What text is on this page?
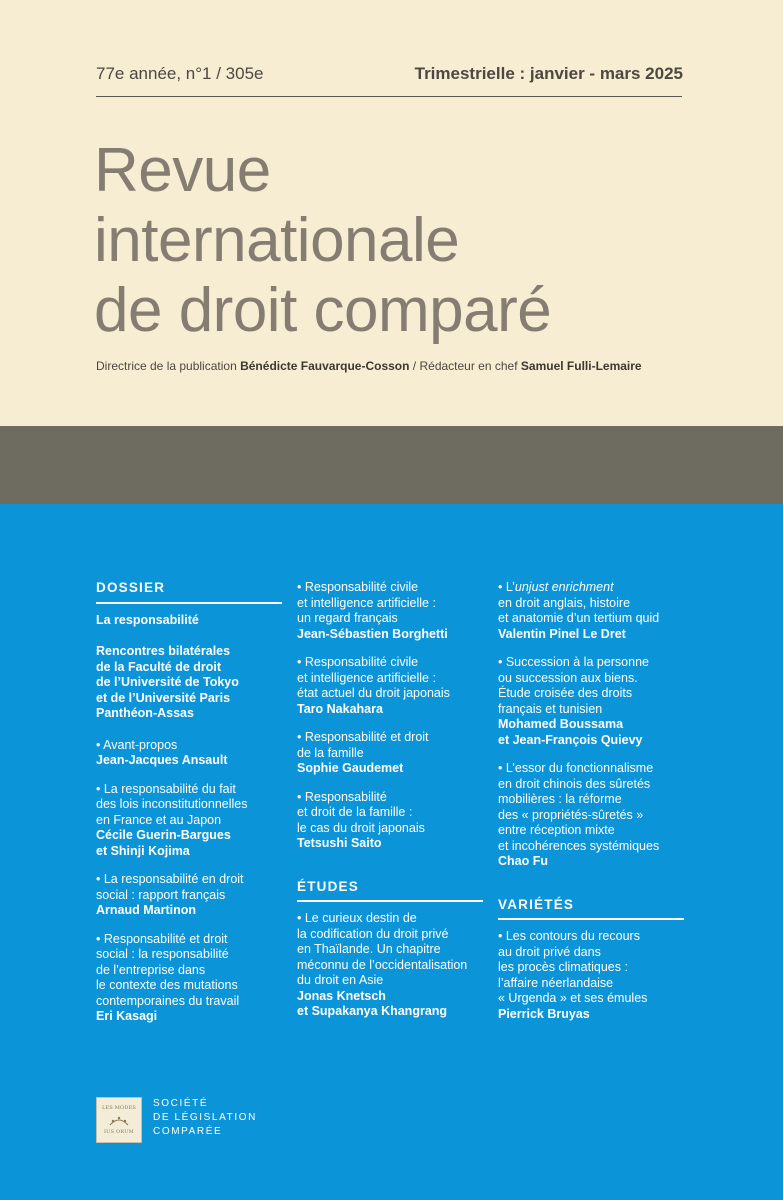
77e année, n°1 / 305e	Trimestrielle : janvier - mars 2025
Revue
internationale
de droit comparé
Directrice de la publication Bénédicte Fauvarque-Cosson / Rédacteur en chef Samuel Fulli-Lemaire
DOSSIER
La responsabilité
Rencontres bilatérales
de la Faculté de droit
de l’Université de Tokyo
et de l’Université Paris
Panthéon-Assas
• Avant-propos
Jean-Jacques Ansault
• La responsabilité du fait
des lois inconstitutionnelles
en France et au Japon
Cécile Guerin-Bargues
et Shinji Kojima
• La responsabilité en droit
social : rapport français
Arnaud Martinon
• Responsabilité et droit
social : la responsabilité
de l’entreprise dans
le contexte des mutations
contemporaines du travail
Eri Kasagi
• Responsabilité civile
et intelligence artificielle :
un regard français
Jean-Sébastien Borghetti
• Responsabilité civile
et intelligence artificielle :
état actuel du droit japonais
Taro Nakahara
• Responsabilité et droit
de la famille
Sophie Gaudemet
• Responsabilité
et droit de la famille :
le cas du droit japonais
Tetsushi Saito
ÉTUDES
• Le curieux destin de
la codification du droit privé
en Thaïlande. Un chapitre
méconnu de l’occidentalisation
du droit en Asie
Jonas Knetsch
et Supakanya Khangrang
• L’unjust enrichment
en droit anglais, histoire
et anatomie d’un tertium quid
Valentin Pinel Le Dret
• Succession à la personne
ou succession aux biens.
Étude croisée des droits
français et tunisien
Mohamed Boussama
et Jean-François Quievy
• L’essor du fonctionnalisme
en droit chinois des sûretés
mobilières : la réforme
des « propriétés-sûretés »
entre réception mixte
et incohérences systémiques
Chao Fu
VARIÉTÉS
• Les contours du recours
au droit privé dans
les procès climatiques :
l’affaire néerlandaise
« Urgenda » et ses émules
Pierrick Bruyas
LES MODES
IUS ORUM
SOCIÉTÉ
DE LÉGISLATION
COMPARÉE
